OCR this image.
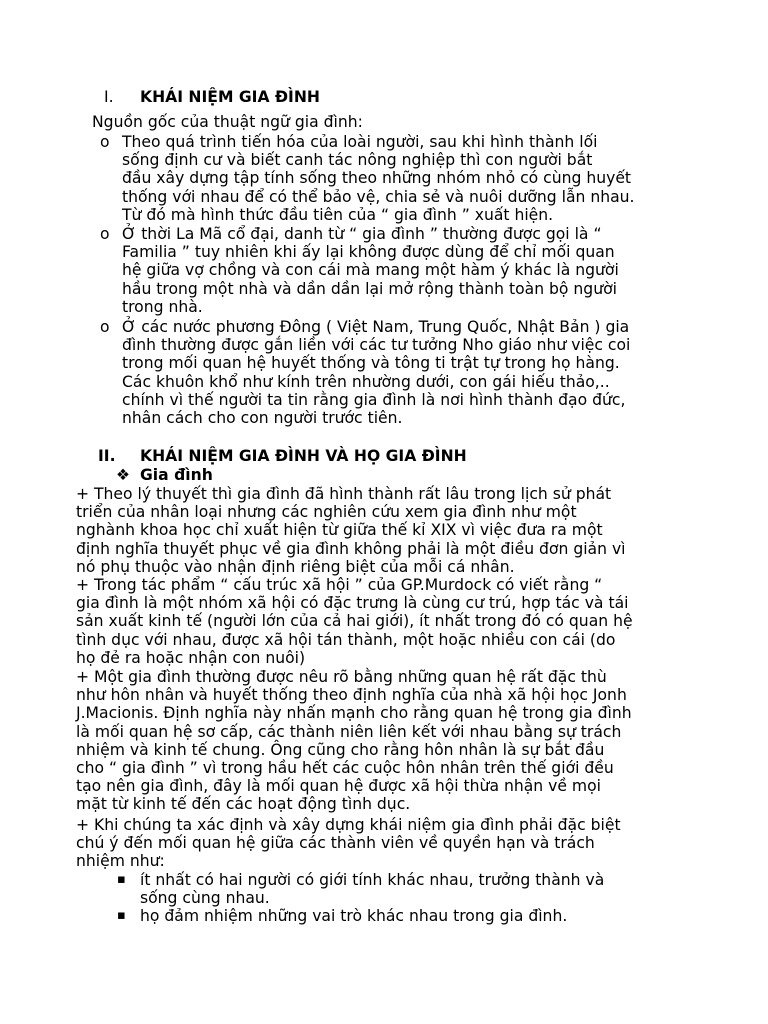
I. KHÁI NIỆM GIA ĐÌNH
Nguồn gốc của thuật ngữ gia đình:
o Theo quá trình tiến hóa của loài người, sau khi hình thành lối
sống định cư và biết canh tác nông nghiệp thì con người bắt
đầu xây dựng tập tính sống theo những nhóm nhỏ có cùng huyết
thống với nhau để có thể bảo vệ, chia sẻ và nuôi dưỡng lẫn nhau.
Từ đó mà hình thức đầu tiên của “ gia đình ” xuất hiện.
o Ở thời La Mã cổ đại, danh từ “ gia đình ” thường được gọi là “
Familia ” tuy nhiên khi ấy lại không được dùng để chỉ mối quan
hệ giữa vợ chồng và con cái mà mang một hàm ý khác là người
hầu trong một nhà và dần dần lại mở rộng thành toàn bộ người
trong nhà.
o Ở các nước phương Đông ( Việt Nam, Trung Quốc, Nhật Bản ) gia
đình thường được gắn liền với các tư tưởng Nho giáo như việc coi
trong mối quan hệ huyết thống và tông ti trật tự trong họ hàng.
Các khuôn khổ như kính trên nhường dưới, con gái hiếu thảo,..
chính vì thế người ta tin rằng gia đình là nơi hình thành đạo đức,
nhân cách cho con người trước tiên.
II. KHÁI NIỆM GIA ĐÌNH VÀ HỌ GIA ĐÌNH
❖ Gia đình
+ Theo lý thuyết thì gia đình đã hình thành rất lâu trong lịch sử phát
triển của nhân loại nhưng các nghiên cứu xem gia đình như một
nghành khoa học chỉ xuất hiện từ giữa thế kỉ XIX vì việc đưa ra một
định nghĩa thuyết phục về gia đình không phải là một điều đơn giản vì
nó phụ thuộc vào nhận định riêng biệt của mỗi cá nhân.
+ Trong tác phẩm “ cấu trúc xã hội ” của GP.Murdock có viết rằng “
gia đình là một nhóm xã hội có đặc trưng là cùng cư trú, hợp tác và tái
sản xuất kinh tế (người lớn của cả hai giới), ít nhất trong đó có quan hệ
tình dục với nhau, được xã hội tán thành, một hoặc nhiều con cái (do
họ đẻ ra hoặc nhận con nuôi)
+ Một gia đình thường được nêu rõ bằng những quan hệ rất đặc thù
như hôn nhân và huyết thống theo định nghĩa của nhà xã hội học Jonh
J.Macionis. Định nghĩa này nhấn mạnh cho rằng quan hệ trong gia đình
là mối quan hệ sơ cấp, các thành niên liên kết với nhau bằng sự trách
nhiệm và kinh tế chung. Ông cũng cho rằng hôn nhân là sự bắt đầu
cho “ gia đình ” vì trong hầu hết các cuộc hôn nhân trên thế giới đều
tạo nên gia đình, đây là mối quan hệ được xã hội thừa nhận về mọi
mặt từ kinh tế đến các hoạt động tình dục.
+ Khi chúng ta xác định và xây dựng khái niệm gia đình phải đặc biệt
chú ý đến mối quan hệ giữa các thành viên về quyền hạn và trách
nhiệm như:
▪ ít nhất có hai người có giới tính khác nhau, trưởng thành và
sống cùng nhau.
▪ họ đảm nhiệm những vai trò khác nhau trong gia đình.
